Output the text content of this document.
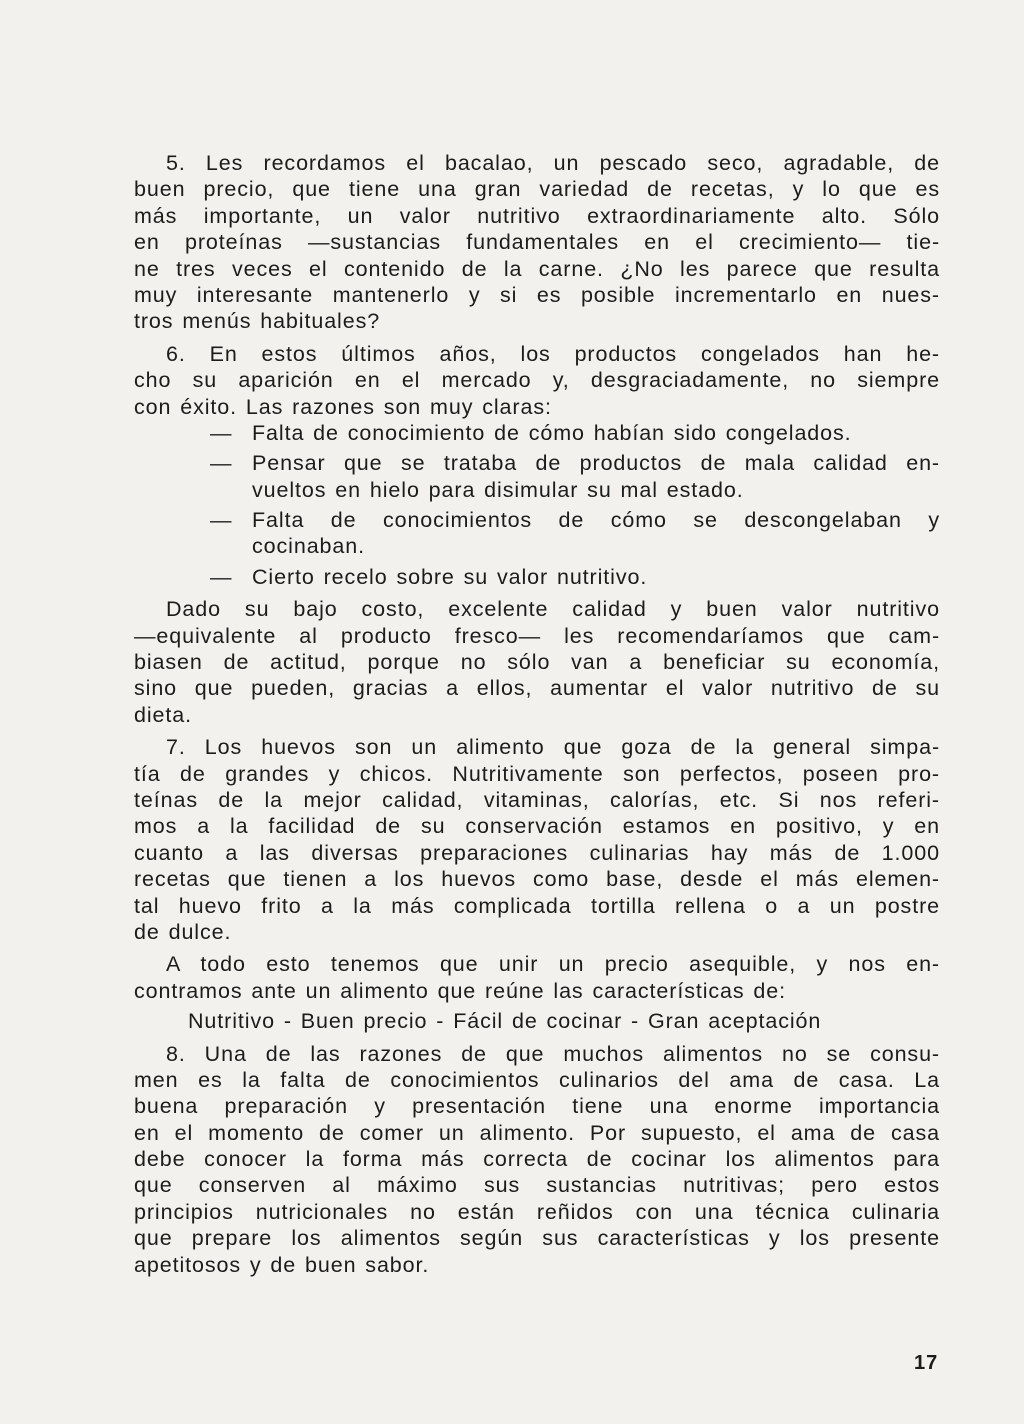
5. Les recordamos el bacalao, un pescado seco, agradable, de
buen precio, que tiene una gran variedad de recetas, y lo que es
más importante, un valor nutritivo extraordinariamente alto. Sólo
en proteínas —sustancias fundamentales en el crecimiento— tie-
ne tres veces el contenido de la carne. ¿No les parece que resulta
muy interesante mantenerlo y si es posible incrementarlo en nues-
tros menús habituales?
6. En estos últimos años, los productos congelados han he-
cho su aparición en el mercado y, desgraciadamente, no siempre
con éxito. Las razones son muy claras:
— Falta de conocimiento de cómo habían sido congelados.
— Pensar que se trataba de productos de mala calidad en-
vueltos en hielo para disimular su mal estado.
— Falta de conocimientos de cómo se descongelaban y
cocinaban.
— Cierto recelo sobre su valor nutritivo.
Dado su bajo costo, excelente calidad y buen valor nutritivo
—equivalente al producto fresco— les recomendaríamos que cam-
biasen de actitud, porque no sólo van a beneficiar su economía,
sino que pueden, gracias a ellos, aumentar el valor nutritivo de su
dieta.
7. Los huevos son un alimento que goza de la general simpa-
tía de grandes y chicos. Nutritivamente son perfectos, poseen pro-
teínas de la mejor calidad, vitaminas, calorías, etc. Si nos referi-
mos a la facilidad de su conservación estamos en positivo, y en
cuanto a las diversas preparaciones culinarias hay más de 1.000
recetas que tienen a los huevos como base, desde el más elemen-
tal huevo frito a la más complicada tortilla rellena o a un postre
de dulce.
A todo esto tenemos que unir un precio asequible, y nos en-
contramos ante un alimento que reúne las características de:
Nutritivo - Buen precio - Fácil de cocinar - Gran aceptación
8. Una de las razones de que muchos alimentos no se consu-
men es la falta de conocimientos culinarios del ama de casa. La
buena preparación y presentación tiene una enorme importancia
en el momento de comer un alimento. Por supuesto, el ama de casa
debe conocer la forma más correcta de cocinar los alimentos para
que conserven al máximo sus sustancias nutritivas; pero estos
principios nutricionales no están reñidos con una técnica culinaria
que prepare los alimentos según sus características y los presente
apetitosos y de buen sabor.
17
